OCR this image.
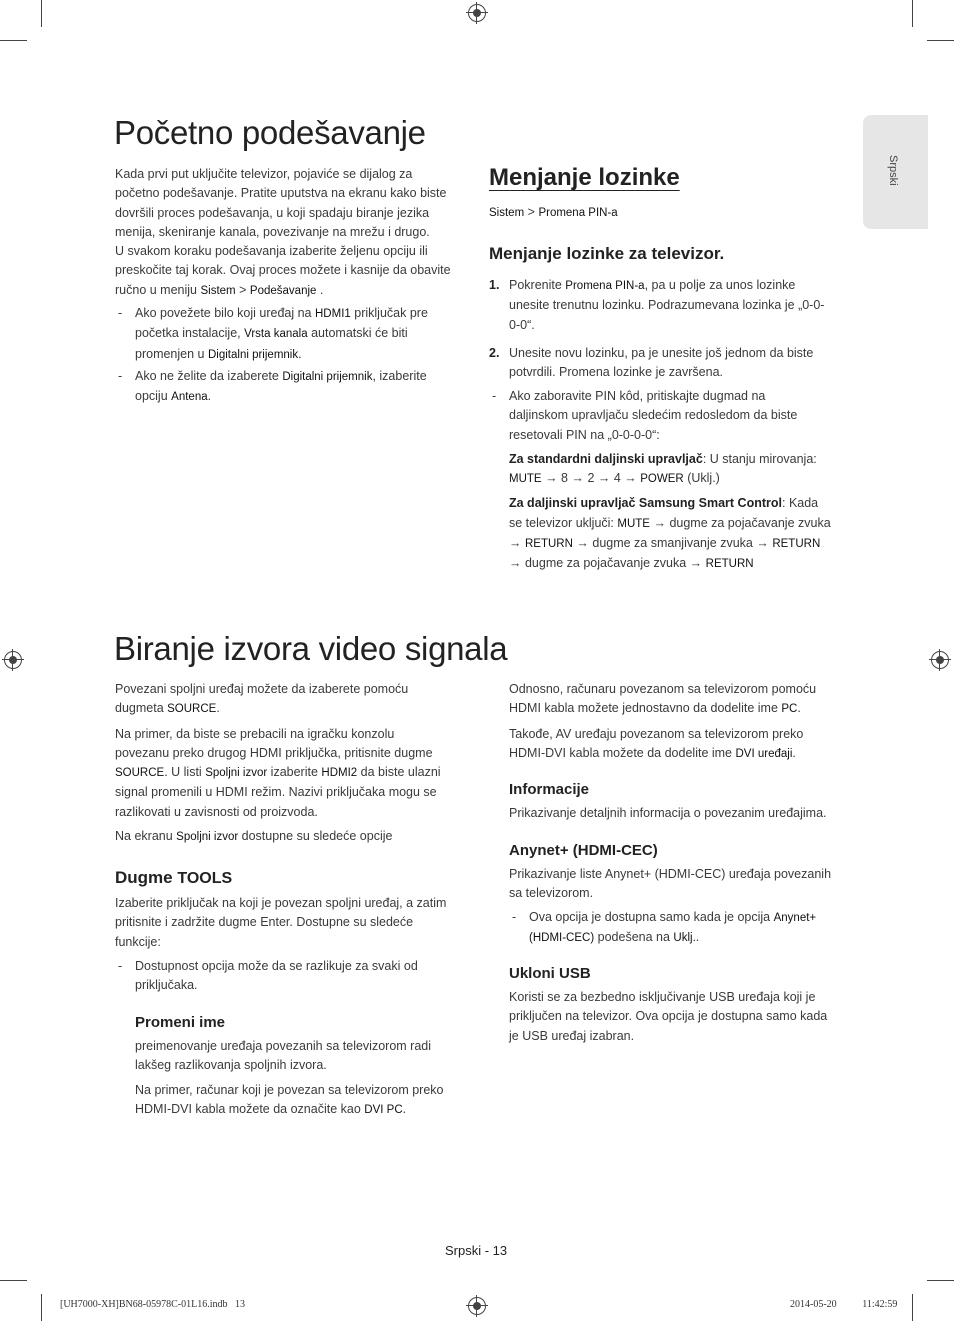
Srpski
Početno podešavanje

Kada prvi put uključite televizor, pojaviće se dijalog za

početno podešavanje. Pratite uputstva na ekranu kako biste

dovršili proces podešavanja, u koji spadaju biranje jezika

menija, skeniranje kanala, povezivanje na mrežu i drugo.

U svakom koraku podešavanja izaberite željenu opciju ili

preskočite taj korak. Ovaj proces možete i kasnije da obavite

ručno u meniju Sistem > Podešavanje .

- Ako povežete bilo koji uređaj na HDMI1 priključak pre

početka instalacije, Vrsta kanala automatski će biti

promenjen u Digitalni prijemnik.

- Ako ne želite da izaberete Digitalni prijemnik, izaberite

opciju Antena.

Menjanje lozinke

Sistem > Promena PIN-a

Menjanje lozinke za televizor.
1. Pokrenite Promena PIN-a, pa u polje za unos lozinke

unesite trenutnu lozinku. Podrazumevana lozinka je „0-0-

0-0“.

2. Unesite novu lozinku, pa je unesite još jednom da biste

potvrdili. Promena lozinke je završena.

- Ako zaboravite PIN kôd, pritiskajte dugmad na

daljinskom upravljaču sledećim redosledom da biste

resetovali PIN na „0-0-0-0“:

Za standardni daljinski upravljač: U stanju mirovanja:

MUTE → 8 → 2 → 4 → POWER (Uklj.)

Za daljinski upravljač Samsung Smart Control: Kada

se televizor uključi: MUTE → dugme za pojačavanje zvuka

→ RETURN → dugme za smanjivanje zvuka → RETURN

→ dugme za pojačavanje zvuka → RETURN

Biranje izvora video signala

Povezani spoljni uređaj možete da izaberete pomoću

dugmeta SOURCE.

Na primer, da biste se prebacili na igračku konzolu

povezanu preko drugog HDMI priključka, pritisnite dugme

SOURCE. U listi Spoljni izvor izaberite HDMI2 da biste ulazni

signal promenili u HDMI režim. Nazivi priključaka mogu se

razlikovati u zavisnosti od proizvoda.

Na ekranu Spoljni izvor dostupne su sledeće opcije

Dugme TOOLS

Izaberite priključak na koji je povezan spoljni uređaj, a zatim

pritisnite i zadržite dugme Enter. Dostupne su sledeće

funkcije:

- Dostupnost opcija može da se razlikuje za svaki od

priključaka.

Promeni ime

preimenovanje uređaja povezanih sa televizorom radi

lakšeg razlikovanja spoljnih izvora.

Na primer, računar koji je povezan sa televizorom preko

HDMI-DVI kabla možete da označite kao DVI PC.

Odnosno, računaru povezanom sa televizorom pomoću

HDMI kabla možete jednostavno da dodelite ime PC.

Takođe, AV uređaju povezanom sa televizorom preko

HDMI-DVI kabla možete da dodelite ime DVI uređaji.

Informacije

Prikazivanje detaljnih informacija o povezanim uređajima.

Anynet+ (HDMI-CEC)

Prikazivanje liste Anynet+ (HDMI-CEC) uređaja povezanih

sa televizorom.

- Ova opcija je dostupna samo kada je opcija Anynet+

(HDMI-CEC) podešena na Uklj..

Ukloni USB

Koristi se za bezbedno isključivanje USB uređaja koji je

priključen na televizor. Ova opcija je dostupna samo kada

je USB uređaj izabran.

Srpski - 13
[UH7000-XH]BN68-05978C-01L16.indb   13	2014-05-20   ￿￿ 11:42:59
